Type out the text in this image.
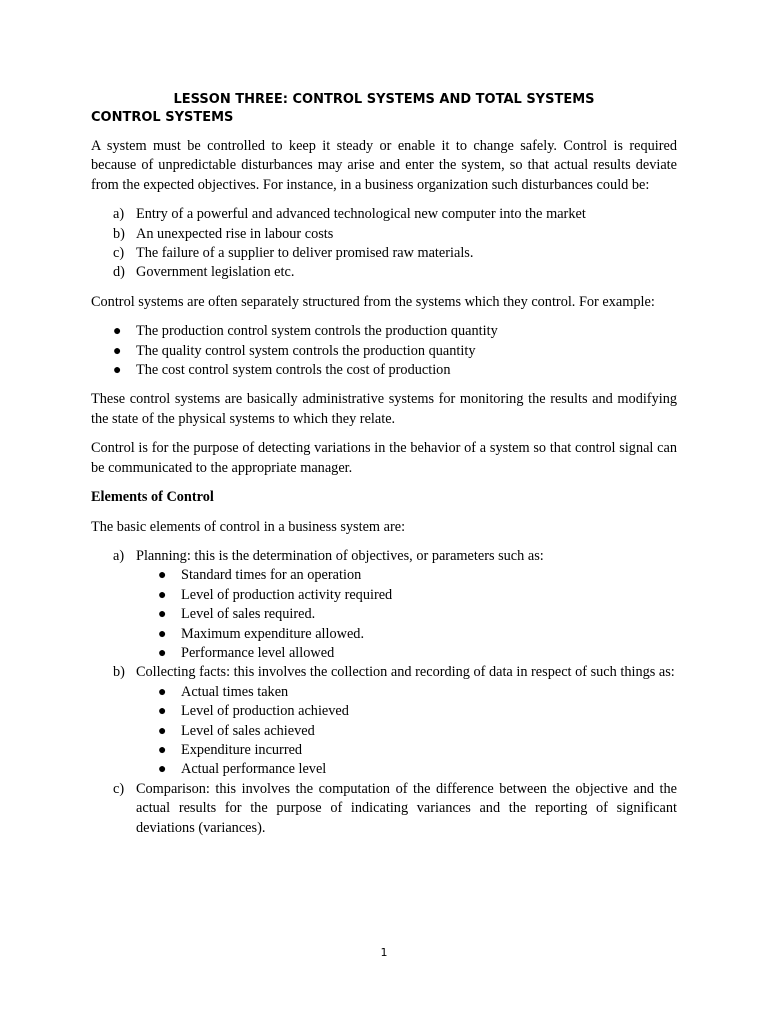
LESSON THREE: CONTROL SYSTEMS AND TOTAL SYSTEMS
CONTROL SYSTEMS

A system must be controlled to keep it steady or enable it to change safely. Control is required because of unpredictable disturbances may arise and enter the system, so that actual results deviate from the expected objectives. For instance, in a business organization such disturbances could be:

a) Entry of a powerful and advanced technological new computer into the market
b) An unexpected rise in labour costs
c) The failure of a supplier to deliver promised raw materials.
d) Government legislation etc.

Control systems are often separately structured from the systems which they control. For example:

● The production control system controls the production quantity
● The quality control system controls the production quantity
● The cost control system controls the cost of production

These control systems are basically administrative systems for monitoring the results and modifying the state of the physical systems to which they relate.

Control is for the purpose of detecting variations in the behavior of a system so that control signal can be communicated to the appropriate manager.

Elements of Control

The basic elements of control in a business system are:

a) Planning: this is the determination of objectives, or parameters such as:
● Standard times for an operation
● Level of production activity required
● Level of sales required.
● Maximum expenditure allowed.
● Performance level allowed
b) Collecting facts: this involves the collection and recording of data in respect of such things as:
● Actual times taken
● Level of production achieved
● Level of sales achieved
● Expenditure incurred
● Actual performance level
c) Comparison: this involves the computation of the difference between the objective and the actual results for the purpose of indicating variances and the reporting of significant deviations (variances).
1
